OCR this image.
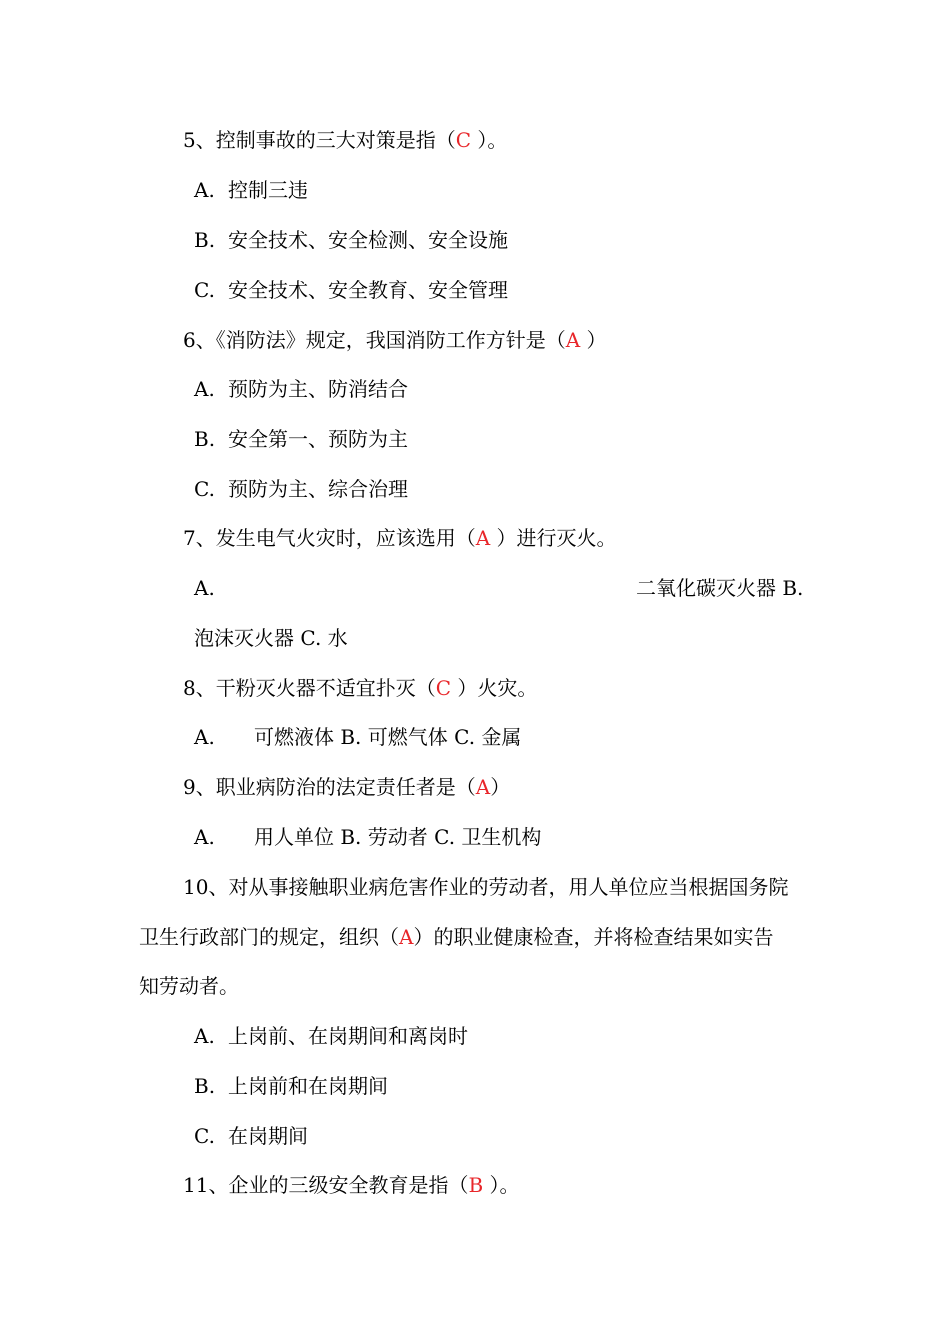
5、控制事故的三大对策是指（C ）。
A. 控制三违
B. 安全技术、安全检测、安全设施
C. 安全技术、安全教育、安全管理
6、《消防法》规定，我国消防工作方针是（A ）
A. 预防为主、防消结合
B. 安全第一、预防为主
C. 预防为主、综合治理
7、发生电气火灾时，应该选用（A ）进行灭火。
A.	二氧化碳灭火器 B.
泡沫灭火器 C. 水
8、干粉灭火器不适宜扑灭（C ）火灾。
A. 可燃液体 B. 可燃气体 C. 金属
9、职业病防治的法定责任者是（A）
A. 用人单位 B. 劳动者 C. 卫生机构
10、对从事接触职业病危害作业的劳动者，用人单位应当根据国务院
卫生行政部门的规定，组织（A）的职业健康检查，并将检查结果如实告
知劳动者。
A. 上岗前、在岗期间和离岗时
B. 上岗前和在岗期间
C. 在岗期间
11、企业的三级安全教育是指（B ）。
